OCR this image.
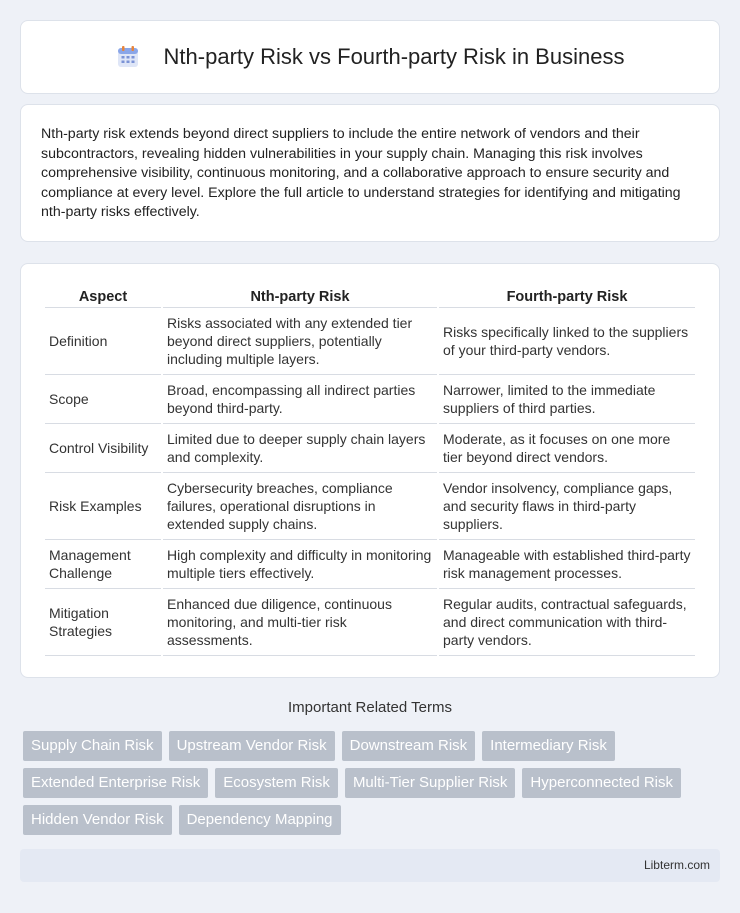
Nth-party Risk vs Fourth-party Risk in Business

Nth-party risk extends beyond direct suppliers to include the entire network of vendors and their subcontractors, revealing hidden vulnerabilities in your supply chain. Managing this risk involves comprehensive visibility, continuous monitoring, and a collaborative approach to ensure security and compliance at every level. Explore the full article to understand strategies for identifying and mitigating nth-party risks effectively.

Aspect	Nth-party Risk	Fourth-party Risk
Definition	Risks associated with any extended tier beyond direct suppliers, potentially including multiple layers.	Risks specifically linked to the suppliers of your third-party vendors.
Scope	Broad, encompassing all indirect parties beyond third-party.	Narrower, limited to the immediate suppliers of third parties.
Control Visibility	Limited due to deeper supply chain layers and complexity.	Moderate, as it focuses on one more tier beyond direct vendors.
Risk Examples	Cybersecurity breaches, compliance failures, operational disruptions in extended supply chains.	Vendor insolvency, compliance gaps, and security flaws in third-party suppliers.
Management Challenge	High complexity and difficulty in monitoring multiple tiers effectively.	Manageable with established third-party risk management processes.
Mitigation Strategies	Enhanced due diligence, continuous monitoring, and multi-tier risk assessments.	Regular audits, contractual safeguards, and direct communication with third-party vendors.
Important Related Terms
Supply Chain Risk	Upstream Vendor Risk	Downstream Risk	Intermediary Risk
Extended Enterprise Risk	Ecosystem Risk	Multi-Tier Supplier Risk	Hyperconnected Risk
Hidden Vendor Risk	Dependency Mapping
Libterm.com
